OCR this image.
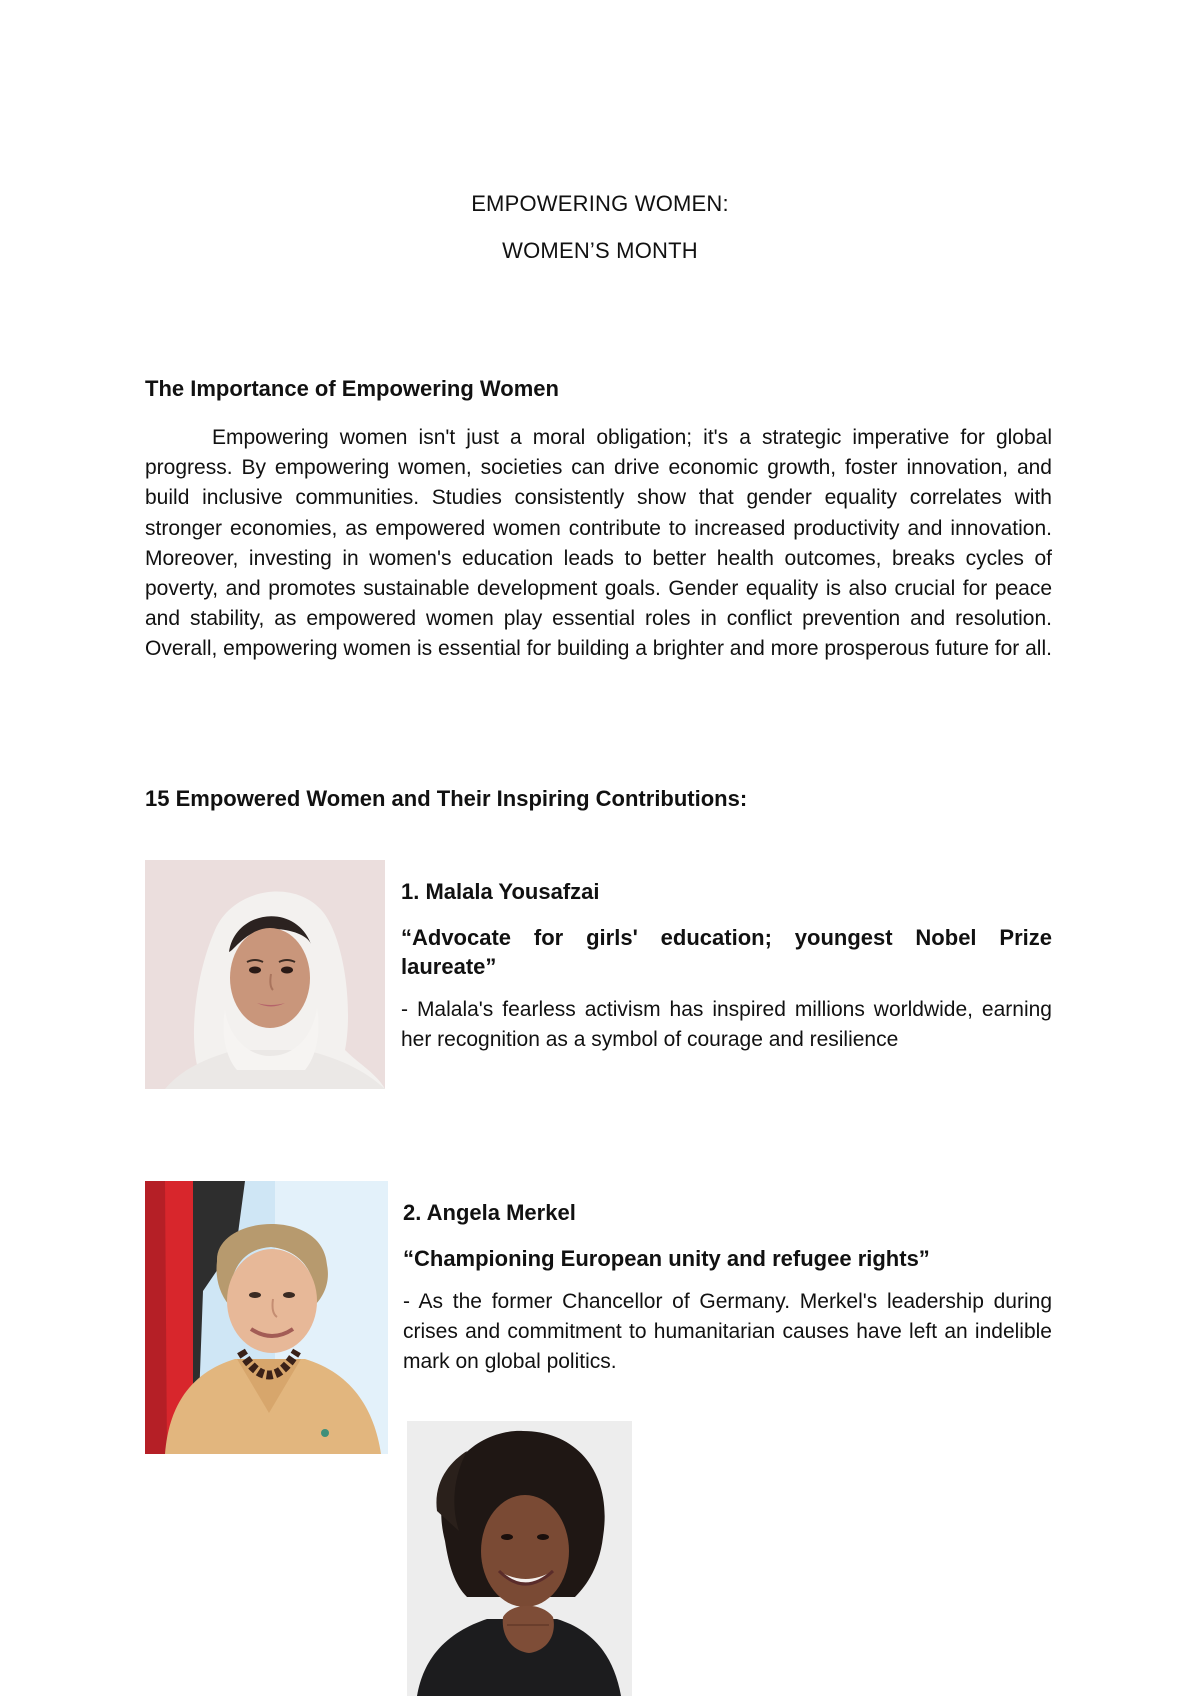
EMPOWERING WOMEN:
WOMEN’S MONTH
The Importance of Empowering Women

Empowering women isn't just a moral obligation; it's a strategic imperative for global progress. By empowering women, societies can drive economic growth, foster innovation, and build inclusive communities. Studies consistently show that gender equality correlates with stronger economies, as empowered women contribute to increased productivity and innovation. Moreover, investing in women's education leads to better health outcomes, breaks cycles of poverty, and promotes sustainable development goals. Gender equality is also crucial for peace and stability, as empowered women play essential roles in conflict prevention and resolution. Overall, empowering women is essential for building a brighter and more prosperous future for all.

15 Empowered Women and Their Inspiring Contributions:
1. Malala Yousafzai
“Advocate for girls' education; youngest Nobel Prize laureate”

- Malala's fearless activism has inspired millions worldwide, earning her recognition as a symbol of courage and resilience

2. Angela Merkel
“Championing European unity and refugee rights”

- As the former Chancellor of Germany. Merkel's leadership during crises and commitment to humanitarian causes have left an indelible mark on global politics.
